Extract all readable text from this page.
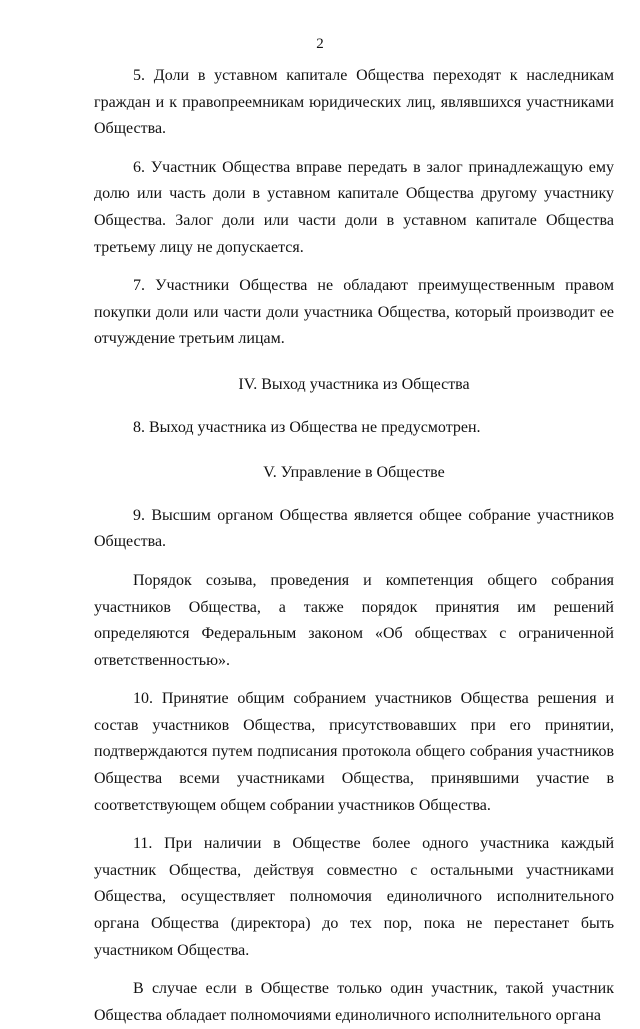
2

5. Доли в уставном капитале Общества переходят к наследникам граждан и к правопреемникам юридических лиц, являвшихся участниками Общества.

6. Участник Общества вправе передать в залог принадлежащую ему долю или часть доли в уставном капитале Общества другому участнику Общества. Залог доли или части доли в уставном капитале Общества третьему лицу не допускается.

7. Участники Общества не обладают преимущественным правом покупки доли или части доли участника Общества, который производит ее отчуждение третьим лицам.

IV. Выход участника из Общества

8. Выход участника из Общества не предусмотрен.

V. Управление в Обществе

9. Высшим органом Общества является общее собрание участников Общества.

Порядок созыва, проведения и компетенция общего собрания участников Общества, а также порядок принятия им решений определяются Федеральным законом «Об обществах с ограниченной ответственностью».

10. Принятие общим собранием участников Общества решения и состав участников Общества, присутствовавших при его принятии, подтверждаются путем подписания протокола общего собрания участников Общества всеми участниками Общества, принявшими участие в соответствующем общем собрании участников Общества.

11. При наличии в Обществе более одного участника каждый участник Общества, действуя совместно с остальными участниками Общества, осуществляет полномочия единоличного исполнительного органа Общества (директора) до тех пор, пока не перестанет быть участником Общества.

В случае если в Обществе только один участник, такой участник Общества обладает полномочиями единоличного исполнительного органа
